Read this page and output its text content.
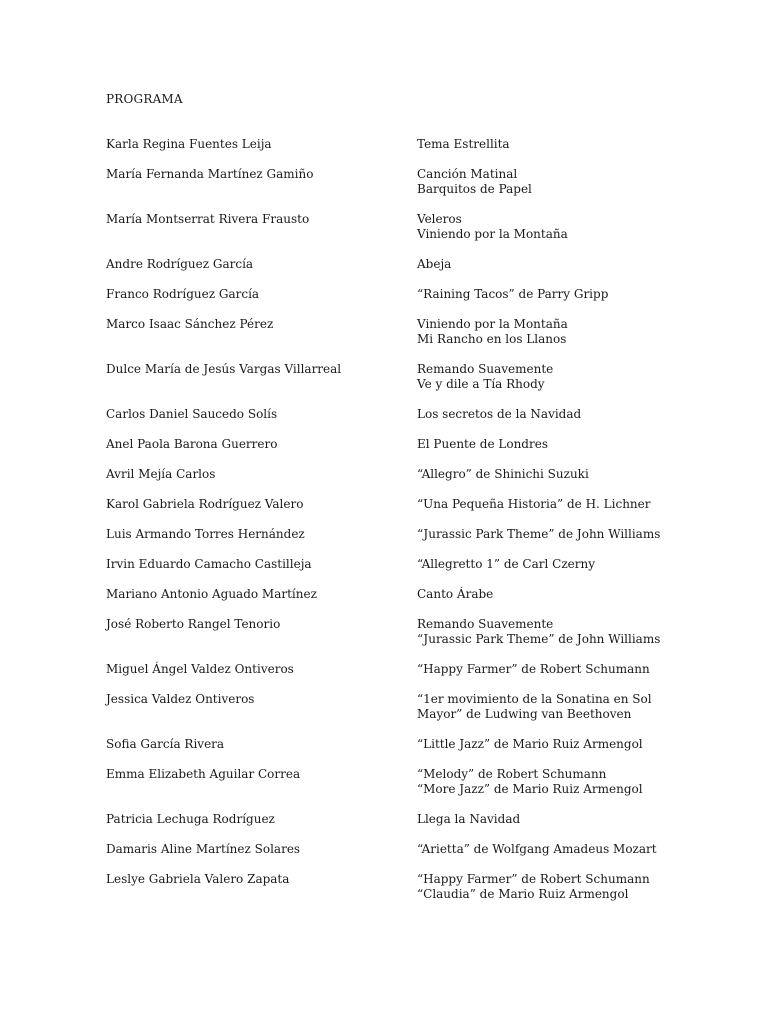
PROGRAMA
Karla Regina Fuentes Leija	Tema Estrellita
María Fernanda Martínez Gamiño	Canción Matinal
Barquitos de Papel
María Montserrat Rivera Frausto	Veleros
Viniendo por la Montaña
Andre Rodríguez García	Abeja
Franco Rodríguez García	“Raining Tacos” de Parry Gripp
Marco Isaac Sánchez Pérez	Viniendo por la Montaña
Mi Rancho en los Llanos
Dulce María de Jesús Vargas Villarreal	Remando Suavemente
Ve y dile a Tía Rhody
Carlos Daniel Saucedo Solís	Los secretos de la Navidad
Anel Paola Barona Guerrero	El Puente de Londres
Avril Mejía Carlos	“Allegro” de Shinichi Suzuki
Karol Gabriela Rodríguez Valero	“Una Pequeña Historia” de H. Lichner
Luis Armando Torres Hernández	“Jurassic Park Theme” de John Williams
Irvin Eduardo Camacho Castilleja	“Allegretto 1” de Carl Czerny
Mariano Antonio Aguado Martínez	Canto Árabe
José Roberto Rangel Tenorio	Remando Suavemente
“Jurassic Park Theme” de John Williams
Miguel Ángel Valdez Ontiveros	“Happy Farmer” de Robert Schumann
Jessica Valdez Ontiveros	“1er movimiento de la Sonatina en Sol
Mayor” de Ludwing van Beethoven
Sofia García Rivera	“Little Jazz” de Mario Ruiz Armengol
Emma Elizabeth Aguilar Correa	“Melody” de Robert Schumann
“More Jazz” de Mario Ruiz Armengol
Patricia Lechuga Rodríguez	Llega la Navidad
Damaris Aline Martínez Solares	“Arietta” de Wolfgang Amadeus Mozart
Leslye Gabriela Valero Zapata	“Happy Farmer” de Robert Schumann
“Claudia” de Mario Ruiz Armengol
